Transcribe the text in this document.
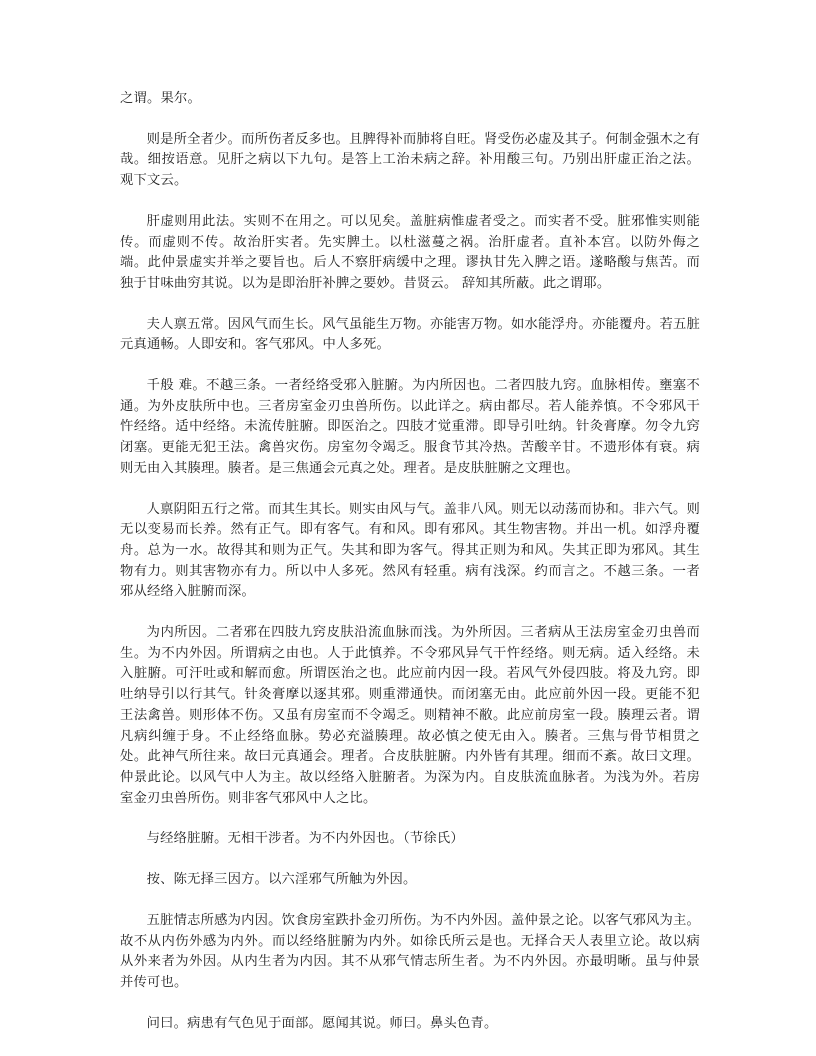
之谓。果尔。

则是所全者少。而所伤者反多也。且脾得补而肺将自旺。肾受伤必虚及其子。何制金强木之有哉。细按语意。见肝之病以下九句。是答上工治未病之辞。补用酸三句。乃别出肝虚正治之法。观下文云。

肝虚则用此法。实则不在用之。可以见矣。盖脏病惟虚者受之。而实者不受。脏邪惟实则能传。而虚则不传。故治肝实者。先实脾土。以杜滋蔓之祸。治肝虚者。直补本宫。以防外侮之端。此仲景虚实并举之要旨也。后人不察肝病缓中之理。谬执甘先入脾之语。遂略酸与焦苦。而独于甘味曲穷其说。以为是即治肝补脾之要妙。昔贤云。 辞知其所蔽。此之谓耶。

夫人禀五常。因风气而生长。风气虽能生万物。亦能害万物。如水能浮舟。亦能覆舟。若五脏元真通畅。人即安和。客气邪风。中人多死。

千般 难。不越三条。一者经络受邪入脏腑。为内所因也。二者四肢九窍。血脉相传。壅塞不通。为外皮肤所中也。三者房室金刃虫兽所伤。以此详之。病由都尽。若人能养慎。不令邪风干忤经络。适中经络。未流传脏腑。即医治之。四肢才觉重滞。即导引吐纳。针灸膏摩。勿令九窍闭塞。更能无犯王法。禽兽灾伤。房室勿令竭乏。服食节其冷热。苦酸辛甘。不遗形体有衰。病则无由入其腠理。腠者。是三焦通会元真之处。理者。是皮肤脏腑之文理也。

人禀阴阳五行之常。而其生其长。则实由风与气。盖非八风。则无以动荡而协和。非六气。则无以变易而长养。然有正气。即有客气。有和风。即有邪风。其生物害物。并出一机。如浮舟覆舟。总为一水。故得其和则为正气。失其和即为客气。得其正则为和风。失其正即为邪风。其生物有力。则其害物亦有力。所以中人多死。然风有轻重。病有浅深。约而言之。不越三条。一者邪从经络入脏腑而深。

为内所因。二者邪在四肢九窍皮肤沿流血脉而浅。为外所因。三者病从王法房室金刃虫兽而生。为不内外因。所谓病之由也。人于此慎养。不令邪风异气干忤经络。则无病。适入经络。未入脏腑。可汗吐或和解而愈。所谓医治之也。此应前内因一段。若风气外侵四肢。将及九窍。即吐纳导引以行其气。针灸膏摩以逐其邪。则重滞通快。而闭塞无由。此应前外因一段。更能不犯王法禽兽。则形体不伤。又虽有房室而不令竭乏。则精神不敝。此应前房室一段。腠理云者。谓凡病纠缠于身。不止经络血脉。势必充溢腠理。故必慎之使无由入。腠者。三焦与骨节相贯之处。此神气所往来。故曰元真通会。理者。合皮肤脏腑。内外皆有其理。细而不紊。故曰文理。仲景此论。以风气中人为主。故以经络入脏腑者。为深为内。自皮肤流血脉者。为浅为外。若房室金刃虫兽所伤。则非客气邪风中人之比。

与经络脏腑。无相干涉者。为不内外因也。（节徐氏）

按、陈无择三因方。以六淫邪气所触为外因。

五脏情志所感为内因。饮食房室跌扑金刃所伤。为不内外因。盖仲景之论。以客气邪风为主。故不从内伤外感为内外。而以经络脏腑为内外。如徐氏所云是也。无择合天人表里立论。故以病从外来者为外因。从内生者为内因。其不从邪气情志所生者。为不内外因。亦最明晰。虽与仲景并传可也。

问曰。病患有气色见于面部。愿闻其说。师曰。鼻头色青。
